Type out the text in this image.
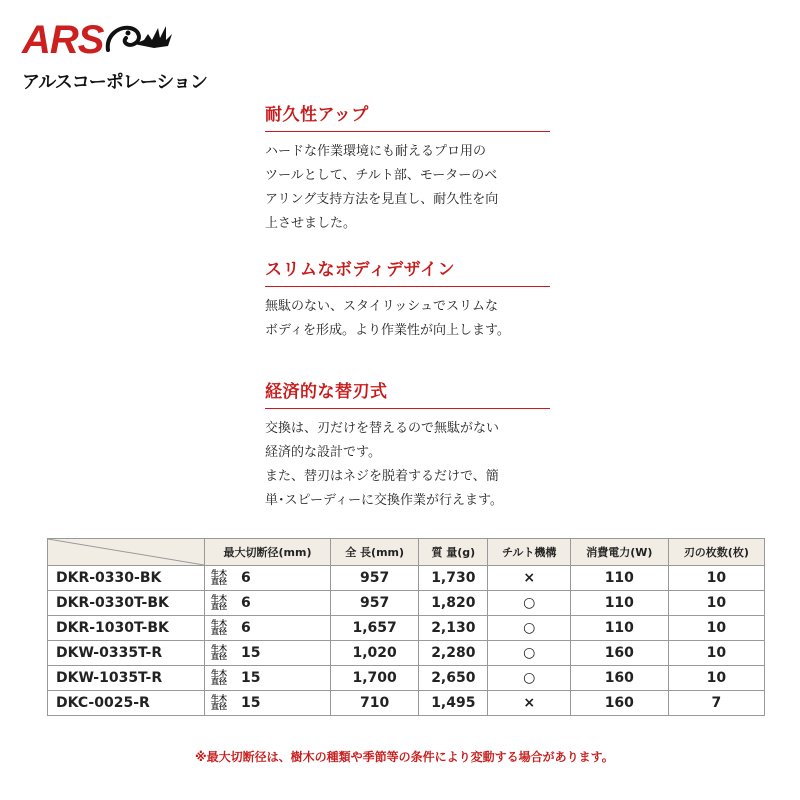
ARS
アルスコーポレーション
耐久性アップ

ハードな作業環境にも耐えるプロ用の
ツールとして、チルト部、モーターのベ
アリング支持方法を見直し、耐久性を向
上させました。

スリムなボディデザイン

無駄のない、スタイリッシュでスリムな
ボディを形成。より作業性が向上します。

経済的な替刃式

交換は、刃だけを替えるので無駄がない
経済的な設計です。
また、替刃はネジを脱着するだけで、簡
単･スピーディーに交換作業が行えます。

	最大切断径(mm)	全 長(mm)	質 量(g)	チルト機構	消費電力(W)	刃の枚数(枚)
DKR-0330-BK	生木
直径 6	957	1,730	×	110	10
DKR-0330T-BK	生木
直径 6	957	1,820	○	110	10
DKR-1030T-BK	生木
直径 6	1,657	2,130	○	110	10
DKW-0335T-R	生木
直径 15	1,020	2,280	○	160	10
DKW-1035T-R	生木
直径 15	1,700	2,650	○	160	10
DKC-0025-R	生木
直径 15	710	1,495	×	160	7
※最大切断径は、樹木の種類や季節等の条件により変動する場合があります。
